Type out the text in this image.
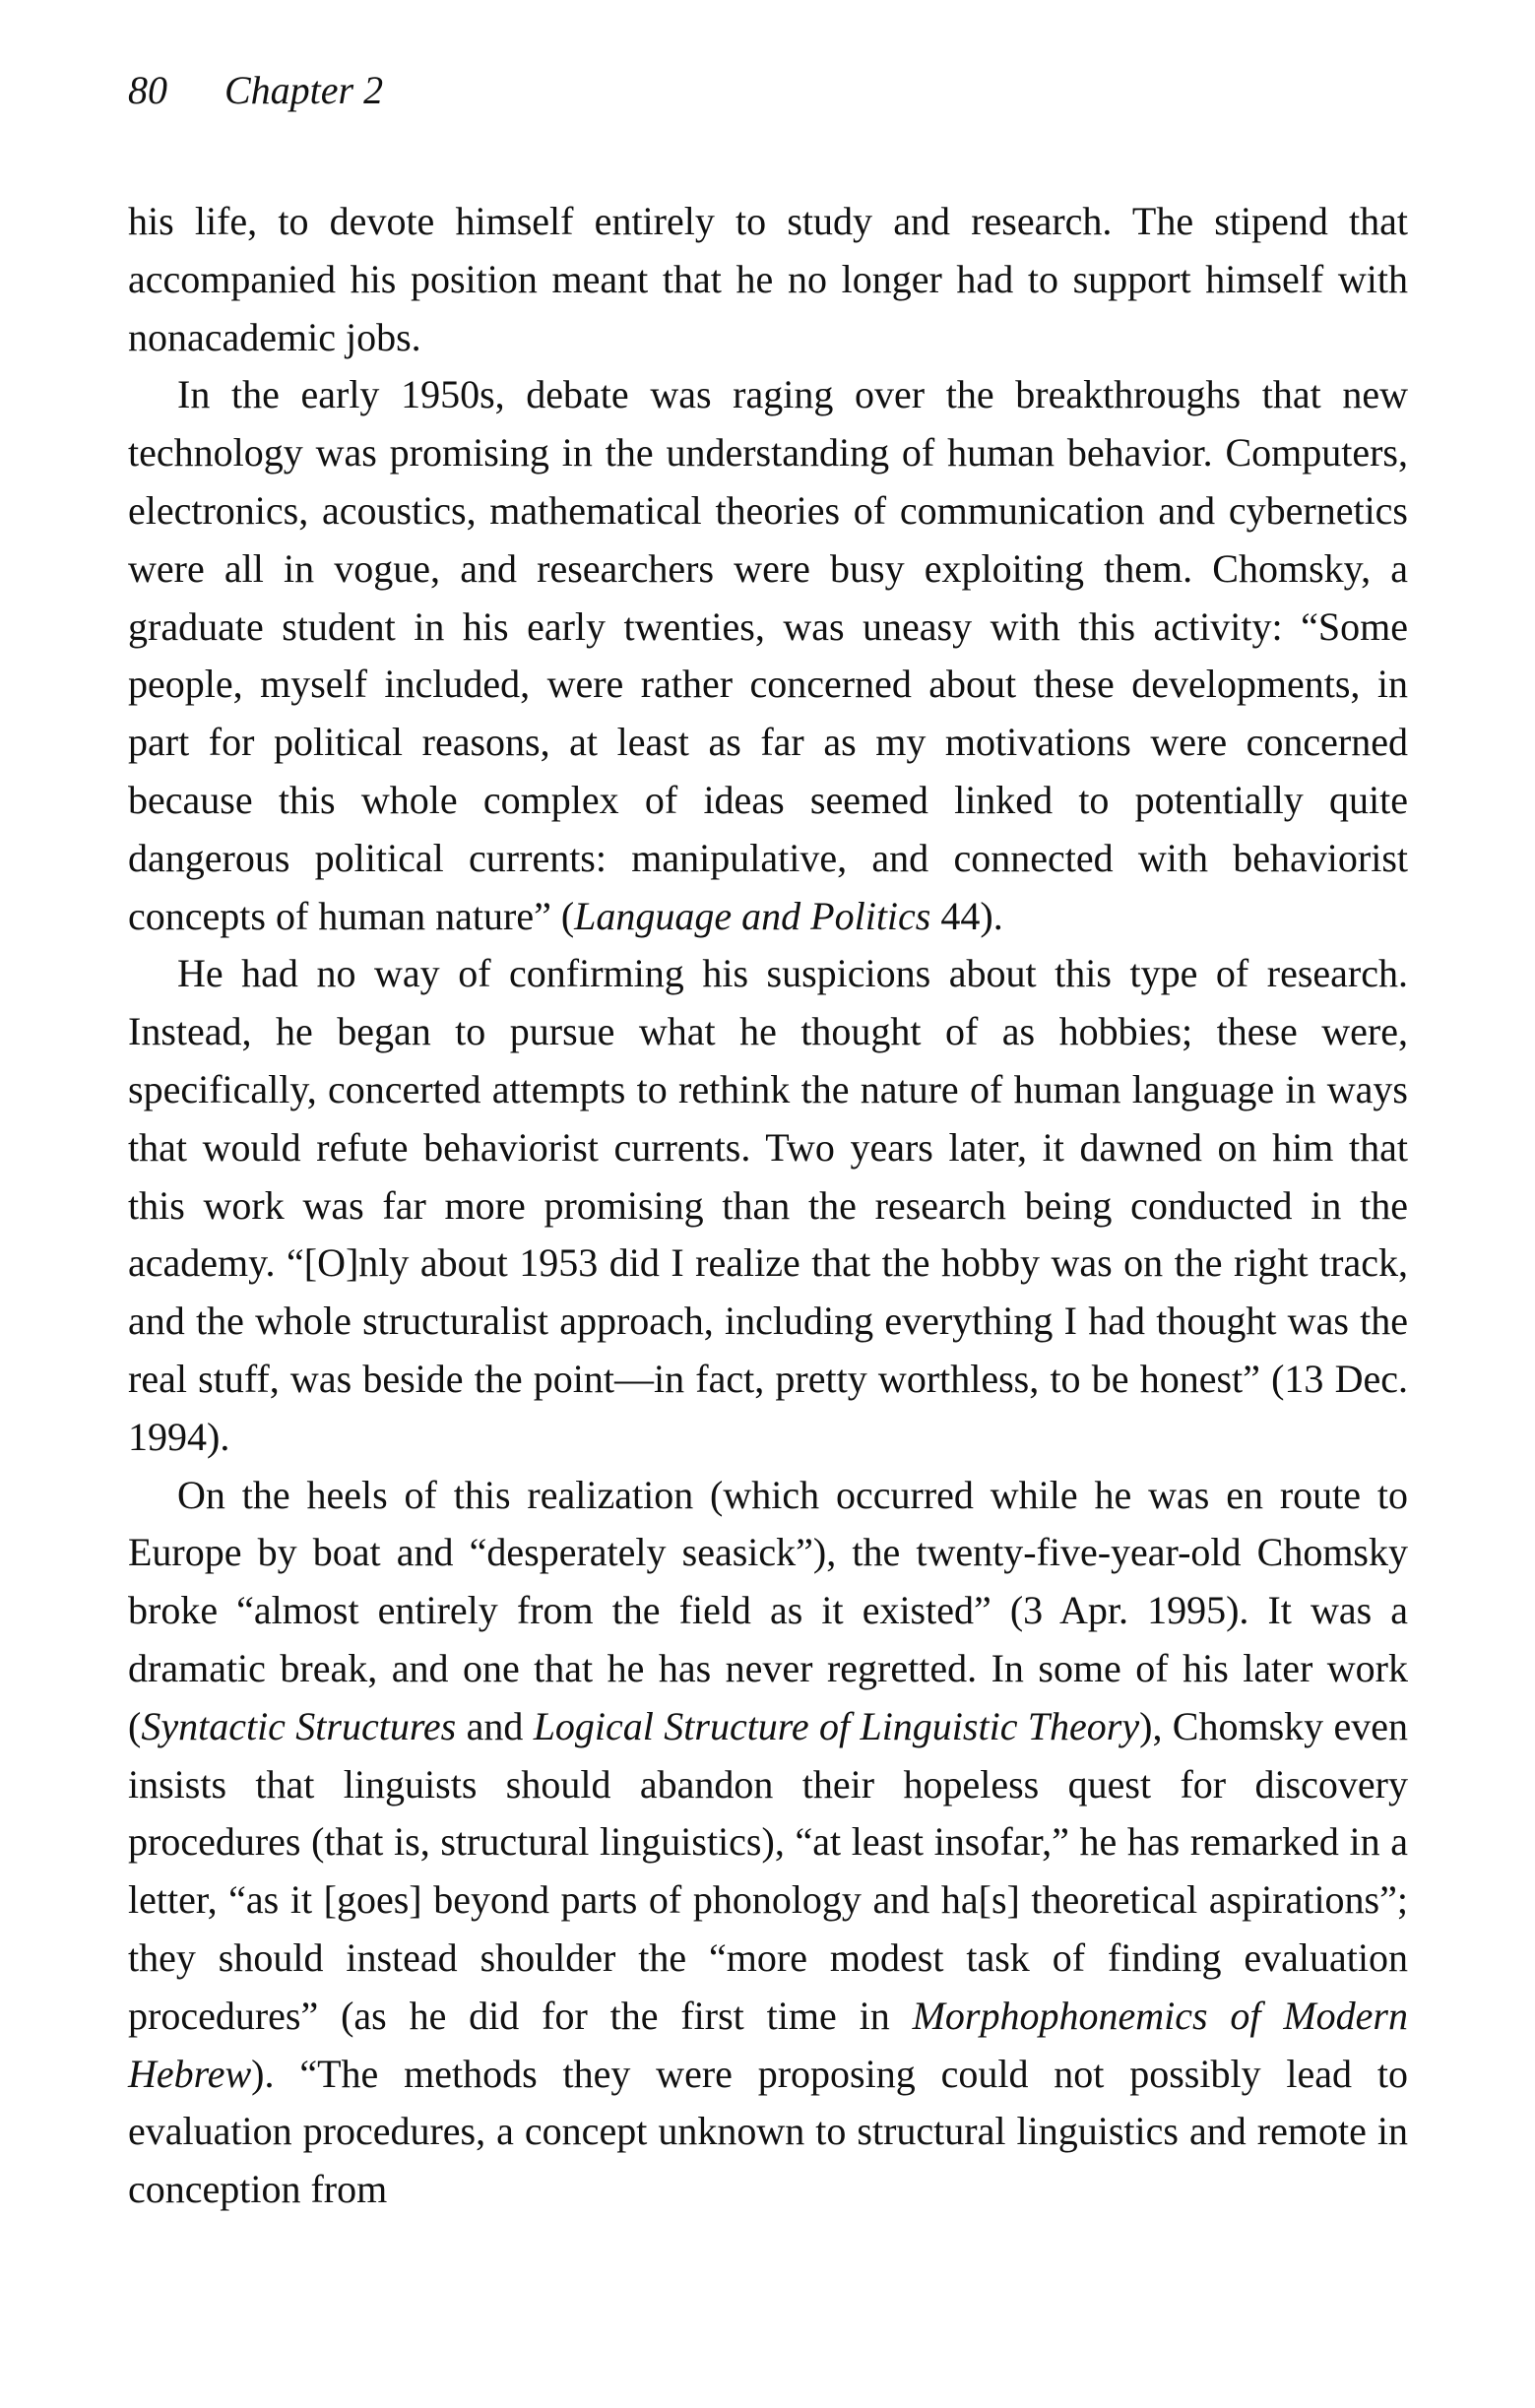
80 Chapter 2

his life, to devote himself entirely to study and research. The stipend that accompanied his position meant that he no longer had to support himself with nonacademic jobs.

In the early 1950s, debate was raging over the breakthroughs that new technology was promising in the understanding of human behavior. Computers, electronics, acoustics, mathematical theories of communication and cybernetics were all in vogue, and researchers were busy exploiting them. Chomsky, a graduate student in his early twenties, was uneasy with this activity: “Some people, myself included, were rather concerned about these developments, in part for political reasons, at least as far as my motivations were concerned because this whole complex of ideas seemed linked to potentially quite dangerous political currents: manipulative, and connected with behaviorist concepts of human nature” (Language and Politics 44).

He had no way of confirming his suspicions about this type of research. Instead, he began to pursue what he thought of as hobbies; these were, specifically, concerted attempts to rethink the nature of human language in ways that would refute behaviorist currents. Two years later, it dawned on him that this work was far more promising than the research being conducted in the academy. “[O]nly about 1953 did I realize that the hobby was on the right track, and the whole structuralist approach, including everything I had thought was the real stuff, was beside the point—in fact, pretty worthless, to be honest” (13 Dec. 1994).

On the heels of this realization (which occurred while he was en route to Europe by boat and “desperately seasick”), the twenty-five-year-old Chomsky broke “almost entirely from the field as it existed” (3 Apr. 1995). It was a dramatic break, and one that he has never regretted. In some of his later work (Syntactic Structures and Logical Structure of Linguistic Theory), Chomsky even insists that linguists should abandon their hopeless quest for discovery procedures (that is, structural linguistics), “at least insofar,” he has remarked in a letter, “as it [goes] beyond parts of phonology and ha[s] theoretical aspirations”; they should instead shoulder the “more modest task of finding evaluation procedures” (as he did for the first time in Morphophonemics of Modern Hebrew). “The methods they were proposing could not possibly lead to evaluation procedures, a concept unknown to structural linguistics and remote in conception from
